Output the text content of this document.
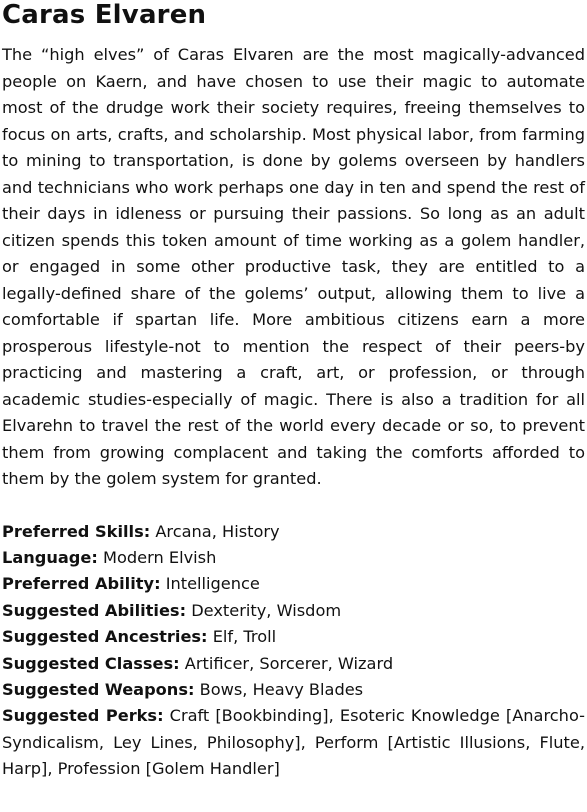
Caras Elvaren

The “high elves” of Caras Elvaren are the most magically-advanced people on Kaern, and have chosen to use their magic to automate most of the drudge work their society requires, freeing themselves to focus on arts, crafts, and scholarship. Most physical labor, from farming to mining to transportation, is done by golems overseen by handlers and technicians who work perhaps one day in ten and spend the rest of their days in idleness or pursuing their passions. So long as an adult citizen spends this token amount of time working as a golem handler, or engaged in some other productive task, they are entitled to a legally-defined share of the golems’ output, allowing them to live a comfortable if spartan life. More ambitious citizens earn a more prosperous lifestyle-not to mention the respect of their peers-by practicing and mastering a craft, art, or profession, or through academic studies-especially of magic. There is also a tradition for all Elvarehn to travel the rest of the world every decade or so, to prevent them from growing complacent and taking the comforts afforded to them by the golem system for granted.

Preferred Skills: Arcana, History
Language: Modern Elvish
Preferred Ability: Intelligence
Suggested Abilities: Dexterity, Wisdom
Suggested Ancestries: Elf, Troll
Suggested Classes: Artificer, Sorcerer, Wizard
Suggested Weapons: Bows, Heavy Blades
Suggested Perks: Craft [Bookbinding], Esoteric Knowledge [Anarcho-Syndicalism, Ley Lines, Philosophy], Perform [Artistic Illusions, Flute, Harp], Profession [Golem Handler]
